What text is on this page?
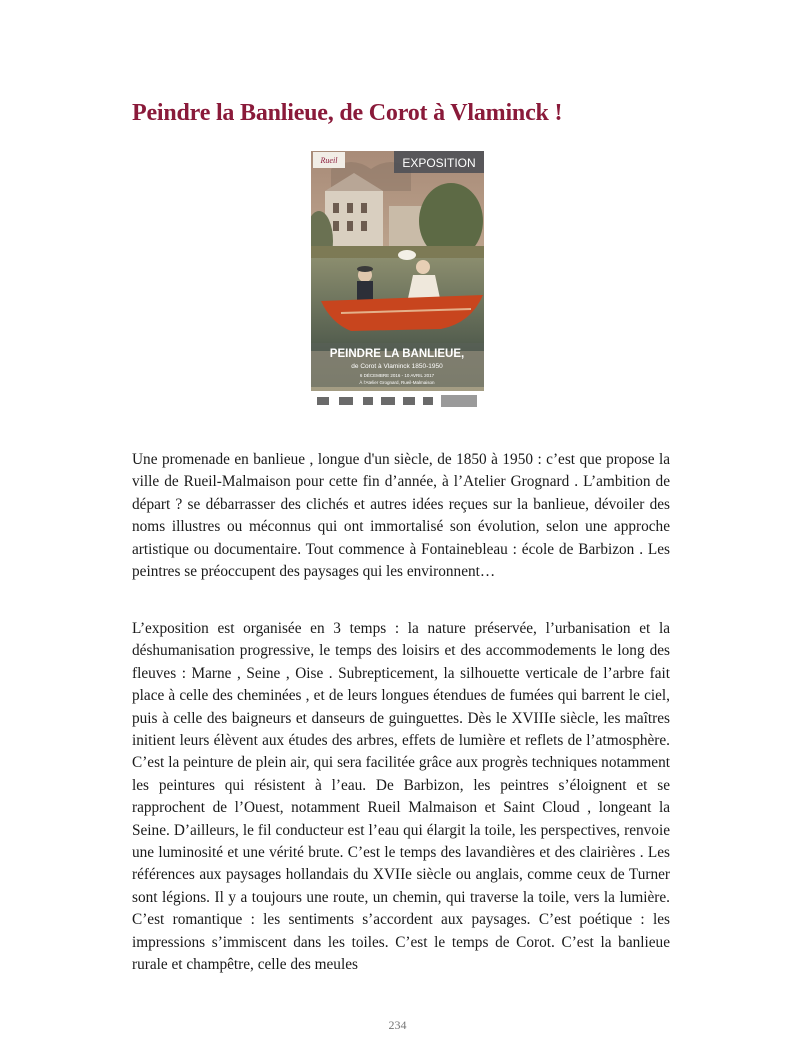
Peindre la Banlieue, de Corot à Vlaminck !
EXPOSITION
Rueil
PEINDRE LA BANLIEUE,
de Corot à Vlaminck 1850-1950
6 DÉCEMBRE 2016 - 10 AVRIL 2017
À l'Atelier Grognard, Rueil-Malmaison

Une promenade en banlieue , longue d'un siècle, de 1850 à 1950 : c’est que propose la ville de Rueil-Malmaison pour cette fin d’année, à l’Atelier Grognard . L’ambition de départ ? se débarrasser des clichés et autres idées reçues sur la banlieue, dévoiler des noms illustres ou méconnus qui ont immortalisé son évolution, selon une approche artistique ou documentaire. Tout commence à Fontainebleau : école de Barbizon . Les peintres se préoccupent des paysages qui les environnent…

L’exposition est organisée en 3 temps : la nature préservée, l’urbanisation et la déshumanisation progressive, le temps des loisirs et des accommodements le long des fleuves : Marne , Seine , Oise . Subrepticement, la silhouette verticale de l’arbre fait place à celle des cheminées , et de leurs longues étendues de fumées qui barrent le ciel, puis à celle des baigneurs et danseurs de guinguettes. Dès le XVIIIe siècle, les maîtres initient leurs élèvent aux études des arbres, effets de lumière et reflets de l’atmosphère. C’est la peinture de plein air, qui sera facilitée grâce aux progrès techniques notamment les peintures qui résistent à l’eau. De Barbizon, les peintres s’éloignent et se rapprochent de l’Ouest, notamment Rueil Malmaison et Saint Cloud , longeant la Seine. D’ailleurs, le fil conducteur est l’eau qui élargit la toile, les perspectives, renvoie une luminosité et une vérité brute. C’est le temps des lavandières et des clairières . Les références aux paysages hollandais du XVIIe siècle ou anglais, comme ceux de Turner sont légions. Il y a toujours une route, un chemin, qui traverse la toile, vers la lumière. C’est romantique : les sentiments s’accordent aux paysages. C’est poétique : les impressions s’immiscent dans les toiles. C’est le temps de Corot. C’est la banlieue rurale et champêtre, celle des meules

234
